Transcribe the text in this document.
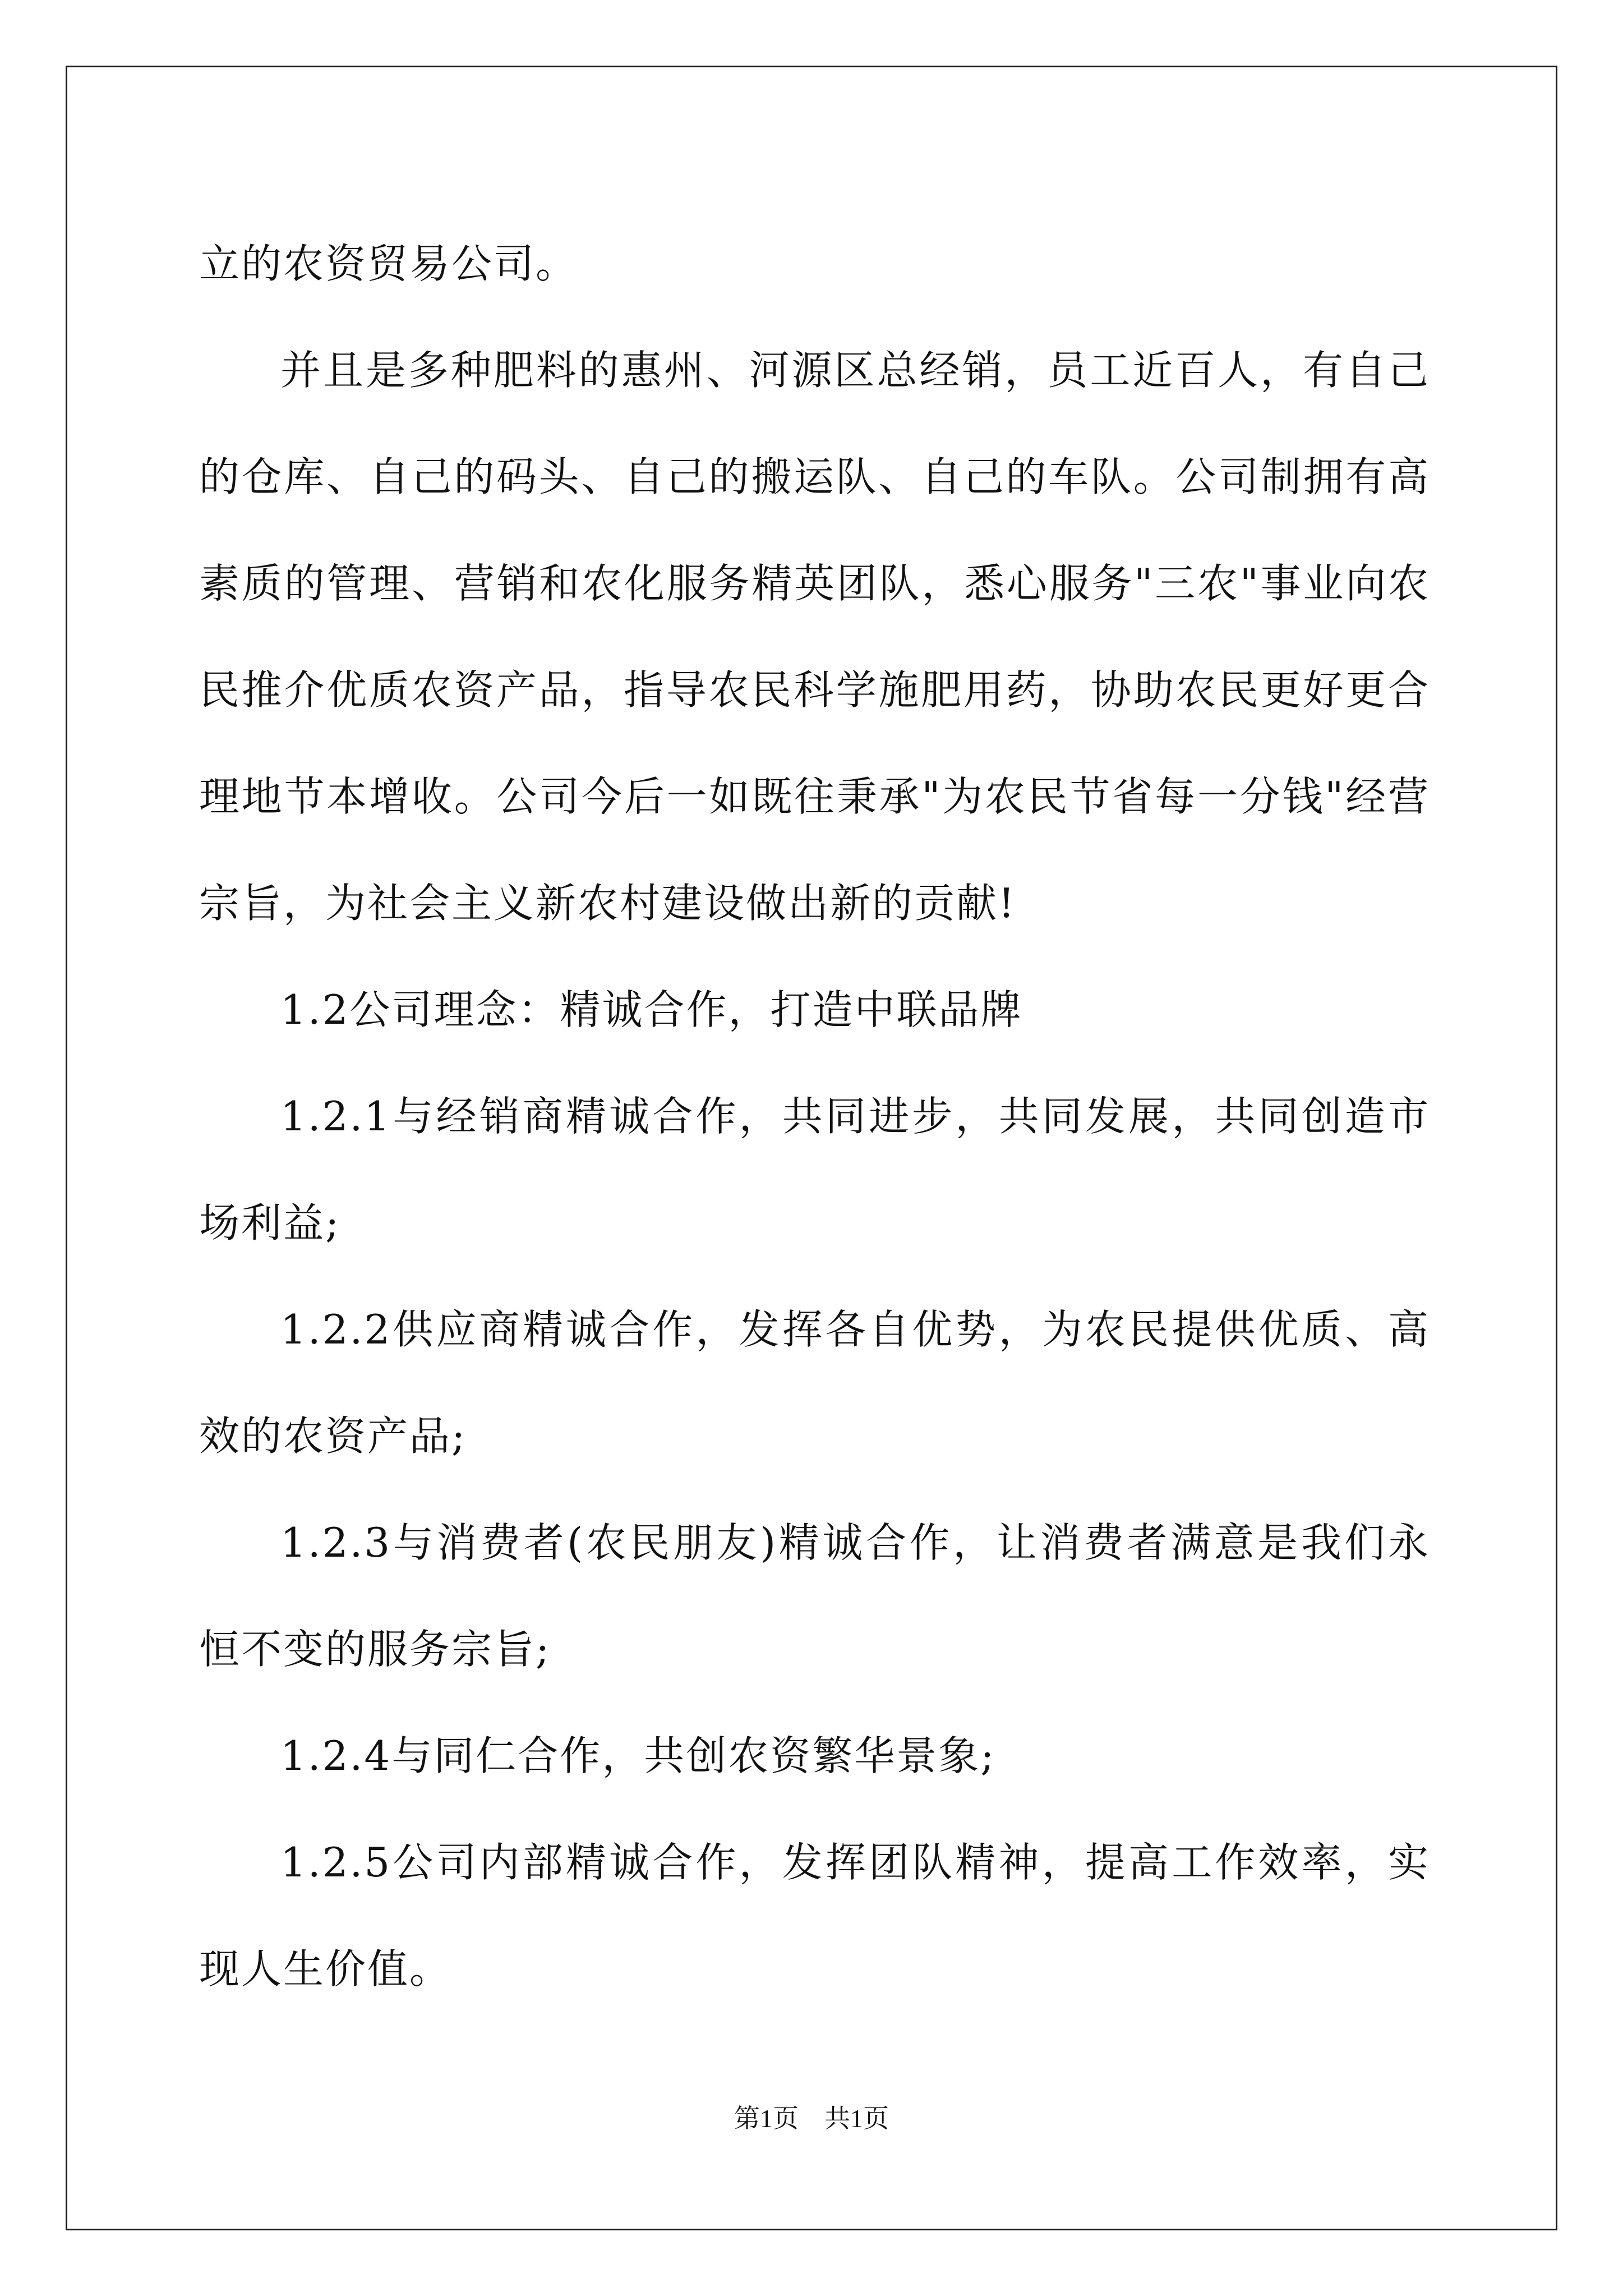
立的农资贸易公司。

并且是多种肥料的惠州、河源区总经销，员工近百人，有自己的仓库、自己的码头、自己的搬运队、自己的车队。公司制拥有高素质的管理、营销和农化服务精英团队，悉心服务"三农"事业向农民推介优质农资产品，指导农民科学施肥用药，协助农民更好更合理地节本增收。公司今后一如既往秉承"为农民节省每一分钱"经营宗旨，为社会主义新农村建设做出新的贡献!

1.2公司理念：精诚合作，打造中联品牌

1.2.1与经销商精诚合作，共同进步，共同发展，共同创造市场利益;

1.2.2供应商精诚合作，发挥各自优势，为农民提供优质、高效的农资产品;

1.2.3与消费者(农民朋友)精诚合作，让消费者满意是我们永恒不变的服务宗旨;

1.2.4与同仁合作，共创农资繁华景象;

1.2.5公司内部精诚合作，发挥团队精神，提高工作效率，实现人生价值。

第1页　共1页
